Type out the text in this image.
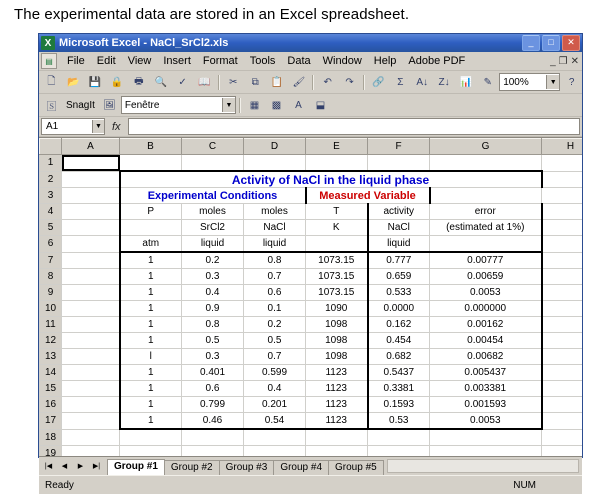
The experimental data are stored in an Excel spreadsheet.
X Microsoft Excel - NaCl_SrCl2.xls	_	□	✕
▤	File	Edit	View	Insert	Format	Tools	Data	Window	Help	Adobe PDF	_ ❐ ✕
🗋	📂 💾 🔒	🖶	🔍	✓	📖	✂	⧉	📋 🖌	↶	↷	🔗	Σ	A↓	Z↓	📊	✎	100%	▼	?
🅂 SnagIt 🖼 Fenêtre	▼	▦	▩	A	⬓
A1	▼ fx
	A	B	C	D	E	F	G	H	
1									
2		Activity of NaCl in the liquid phase							
3		Experimental Conditions			Measured Variable				
4		P	moles	moles	T	activity	error		
5			SrCl2	NaCl	K	NaCl	(estimated at 1%)		
6		atm	liquid	liquid		liquid			
7		1	0.2	0.8	1073.15	0.777	0.00777		
8		1	0.3	0.7	1073.15	0.659	0.00659		
9		1	0.4	0.6	1073.15	0.533	0.0053		
10		1	0.9	0.1	1090	0.0000	0.000000		
11		1	0.8	0.2	1098	0.162	0.00162		
12		1	0.5	0.5	1098	0.454	0.00454		
13		l	0.3	0.7	1098	0.682	0.00682		
14		1	0.401	0.599	1123	0.5437	0.005437		
15		1	0.6	0.4	1123	0.3381	0.003381		
16		1	0.799	0.201	1123	0.1593	0.001593		
17		1	0.46	0.54	1123	0.53	0.0053		
18									
19									

|◀	◀	▶	▶|	Group #1	Group #2	Group #3	Group #4	Group #5
Ready	NUM
